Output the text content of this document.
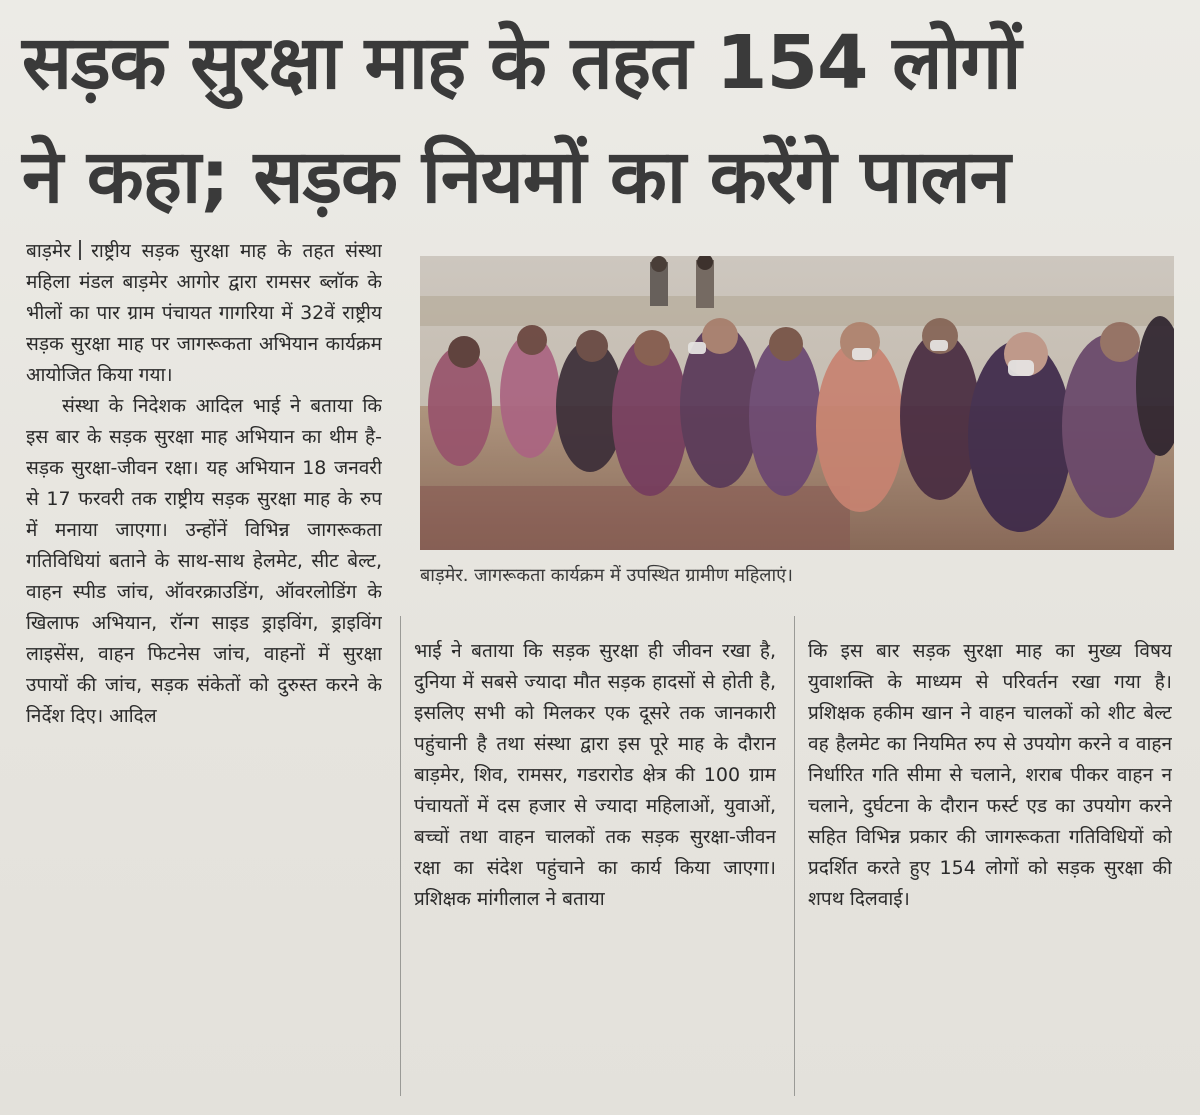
सड़क सुरक्षा माह के तहत 154 लोगों
ने कहा; सड़क नियमों का करेंगे पालन

बाड़मेर राष्ट्रीय सड़क सुरक्षा माह के तहत संस्था महिला मंडल बाड़मेर आगोर द्वारा रामसर ब्लॉक के भीलों का पार ग्राम पंचायत गागरिया में 32वें राष्ट्रीय सड़क सुरक्षा माह पर जागरूकता अभियान कार्यक्रम आयोजित किया गया।

संस्था के निदेशक आदिल भाई ने बताया कि इस बार के सड़क सुरक्षा माह अभियान का थीम है-सड़क सुरक्षा-जीवन रक्षा। यह अभियान 18 जनवरी से 17 फरवरी तक राष्ट्रीय सड़क सुरक्षा माह के रुप में मनाया जाएगा। उन्होंनें विभिन्न जागरूकता गतिविधियां बताने के साथ-साथ हेलमेट, सीट बेल्ट, वाहन स्पीड जांच, ऑवरक्राउडिंग, ऑवरलोडिंग के खिलाफ अभियान, रॉन्ग साइड ड्राइविंग, ड्राइविंग लाइसेंस, वाहन फिटनेस जांच, वाहनों में सुरक्षा उपायों की जांच, सड़क संकेतों को दुरुस्त करने के निर्देश दिए। आदिल

बाड़मेर. जागरूकता कार्यक्रम में उपस्थित ग्रामीण महिलाएं।

भाई ने बताया कि सड़क सुरक्षा ही जीवन रखा है, दुनिया में सबसे ज्यादा मौत सड़क हादसों से होती है, इसलिए सभी को मिलकर एक दूसरे तक जानकारी पहुंचानी है तथा संस्था द्वारा इस पूरे माह के दौरान बाड़मेर, शिव, रामसर, गडरारोड क्षेत्र की 100 ग्राम पंचायतों में दस हजार से ज्यादा महिलाओं, युवाओं, बच्चों तथा वाहन चालकों तक सड़क सुरक्षा-जीवन रक्षा का संदेश पहुंचाने का कार्य किया जाएगा। प्रशिक्षक मांगीलाल ने बताया

कि इस बार सड़क सुरक्षा माह का मुख्य विषय युवाशक्ति के माध्यम से परिवर्तन रखा गया है। प्रशिक्षक हकीम खान ने वाहन चालकों को शीट बेल्ट वह हैलमेट का नियमित रुप से उपयोग करने व वाहन निर्धारित गति सीमा से चलाने, शराब पीकर वाहन न चलाने, दुर्घटना के दौरान फर्स्ट एड का उपयोग करने सहित विभिन्न प्रकार की जागरूकता गतिविधियों को प्रदर्शित करते हुए 154 लोगों को सड़क सुरक्षा की शपथ दिलवाई।
